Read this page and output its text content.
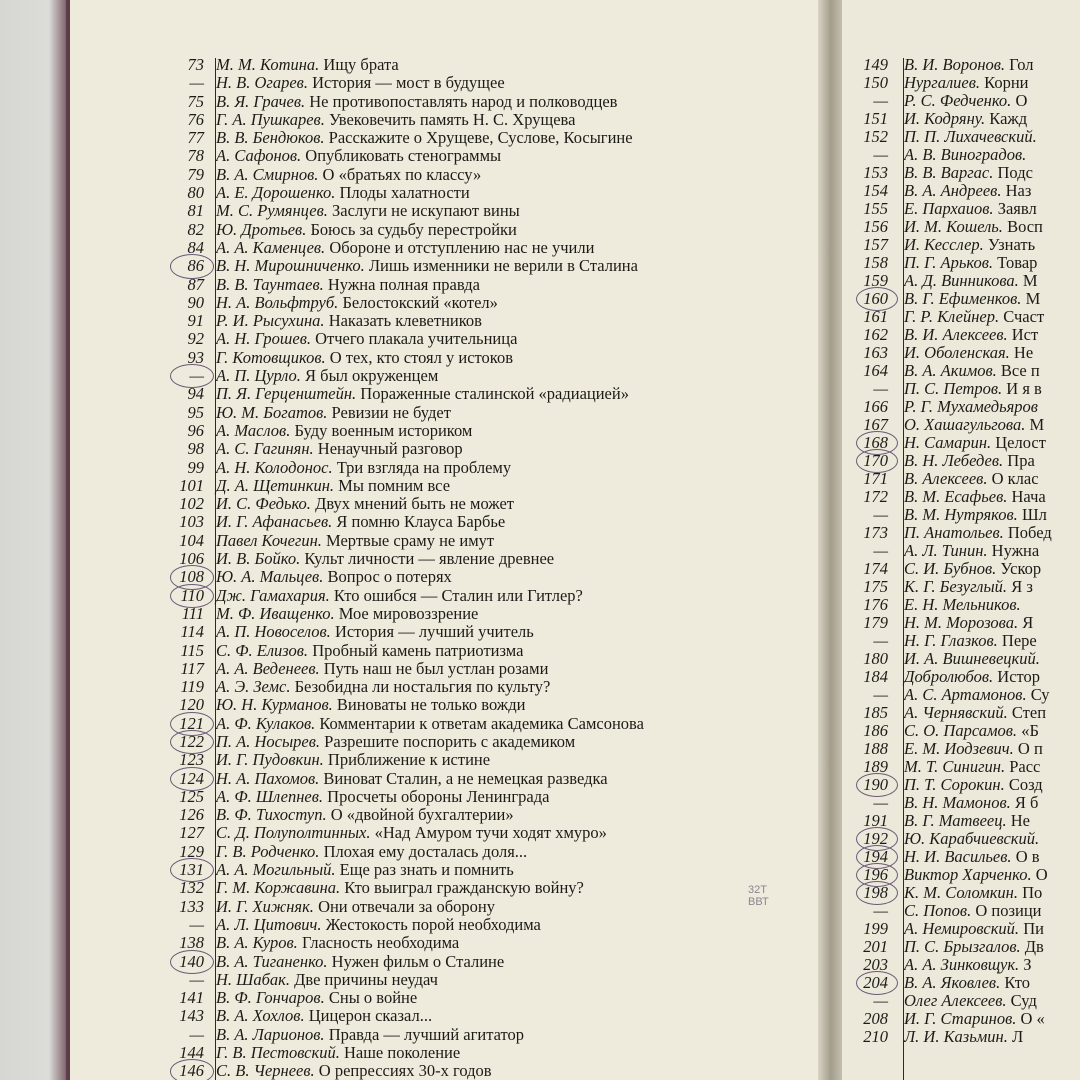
73 М. М. Котина. Ищу брата
— Н. В. Огарев. История — мост в будущее
75 В. Я. Грачев. Не противопоставлять народ и полководцев
76 Г. А. Пушкарев. Увековечить память Н. С. Хрущева
77 В. В. Бендюков. Расскажите о Хрущеве, Суслове, Косыгине
78 А. Сафонов. Опубликовать стенограммы
79 В. А. Смирнов. О «братьях по классу»
80 А. Е. Дорошенко. Плоды халатности
81 М. С. Румянцев. Заслуги не искупают вины
82 Ю. Дротьев. Боюсь за судьбу перестройки
84 А. А. Каменцев. Обороне и отступлению нас не учили
86 В. Н. Мирошниченко. Лишь изменники не верили в Сталина
87 В. В. Таунтаев. Нужна полная правда
90 Н. А. Вольфтруб. Белостокский «котел»
91 Р. И. Рысухина. Наказать клеветников
92 А. Н. Грошев. Отчего плакала учительница
93 Г. Котовщиков. О тех, кто стоял у истоков
— А. П. Цурло. Я был окруженцем
94 П. Я. Герценштейн. Пораженные сталинской «радиацией»
95 Ю. М. Богатов. Ревизии не будет
96 А. Маслов. Буду военным историком
98 А. С. Гагинян. Ненаучный разговор
99 А. Н. Колодонос. Три взгляда на проблему
101 Д. А. Щетинкин. Мы помним все
102 И. С. Федько. Двух мнений быть не может
103 И. Г. Афанасьев. Я помню Клауса Барбье
104 Павел Кочегин. Мертвые сраму не имут
106 И. В. Бойко. Культ личности — явление древнее
108 Ю. А. Мальцев. Вопрос о потерях
110 Дж. Гамахария. Кто ошибся — Сталин или Гитлер?
111 М. Ф. Иващенко. Мое мировоззрение
114 А. П. Новоселов. История — лучший учитель
115 С. Ф. Елизов. Пробный камень патриотизма
117 А. А. Веденеев. Путь наш не был устлан розами
119 А. Э. Земс. Безобидна ли ностальгия по культу?
120 Ю. Н. Курманов. Виноваты не только вожди
121 А. Ф. Кулаков. Комментарии к ответам академика Самсонова
122 П. А. Носырев. Разрешите поспорить с академиком
123 И. Г. Пудовкин. Приближение к истине
124 Н. А. Пахомов. Виноват Сталин, а не немецкая разведка
125 А. Ф. Шлепнев. Просчеты обороны Ленинграда
126 В. Ф. Тихоступ. О «двойной бухгалтерии»
127 С. Д. Полуполтинных. «Над Амуром тучи ходят хмуро»
129 Г. В. Родченко. Плохая ему досталась доля...
131 А. А. Могильный. Еще раз знать и помнить
132 Г. М. Коржавина. Кто выиграл гражданскую войну?
133 И. Г. Хижняк. Они отвечали за оборону
— А. Л. Цитович. Жестокость порой необходима
138 В. А. Куров. Гласность необходима
140 В. А. Тиганенко. Нужен фильм о Сталине
— Н. Шабак. Две причины неудач
141 В. Ф. Гончаров. Сны о войне
143 В. А. Хохлов. Цицерон сказал...
— В. А. Ларионов. Правда — лучший агитатор
144 Г. В. Пестовский. Наше поколение
146 С. В. Чернеев. О репрессиях 30-х годов
149 В. И. Воронов. Гол
150 Нургалиев. Корни
— Р. С. Федченко. О
151 И. Кодряну. Кажд
152 П. П. Лихачевский.
— А. В. Виноградов.
153 В. В. Варгас. Подс
154 В. А. Андреев. Наз
155 Е. Пархаиов. Заявл
156 И. М. Кошель. Восп
157 И. Кесслер. Узнать
158 П. Г. Арьков. Товар
159 А. Д. Винникова. М
160 В. Г. Ефименков. М
161 Г. Р. Клейнер. Счаст
162 В. И. Алексеев. Ист
163 И. Оболенская. Не
164 В. А. Акимов. Все п
— П. С. Петров. И я в
166 Р. Г. Мухамедьяров
167 О. Хашагульгова. М
168 Н. Самарин. Целост
170 В. Н. Лебедев. Пра
171 В. Алексеев. О клас
172 В. М. Есафьев. Нача
— В. М. Нутряков. Шл
173 П. Анатольев. Побед
— А. Л. Тинин. Нужна
174 С. И. Бубнов. Ускор
175 К. Г. Безуглый. Я з
176 Е. Н. Мельников.
179 Н. М. Морозова. Я
— Н. Г. Глазков. Пере
180 И. А. Вишневецкий.
184 Добролюбов. Истор
— А. С. Артамонов. Су
185 А. Чернявский. Степ
186 С. О. Парсамов. «Б
188 Е. М. Иодзевич. О п
189 М. Т. Синигин. Расс
190 П. Т. Сорокин. Созд
— В. Н. Мамонов. Я б
191 В. Г. Матвеец. Не
192 Ю. Карабчиевский.
194 Н. И. Васильев. О в
196 Виктор Харченко. О
198 К. М. Соломкин. По
— С. Попов. О позици
199 А. Немировский. Пи
201 П. С. Брызгалов. Дв
203 А. А. Зинковщук. З
204 В. А. Яковлев. Кто
— Олег Алексеев. Суд
208 И. Г. Старинов. О «
210 Л. И. Казьмин. Л
32Т
ВВТ
